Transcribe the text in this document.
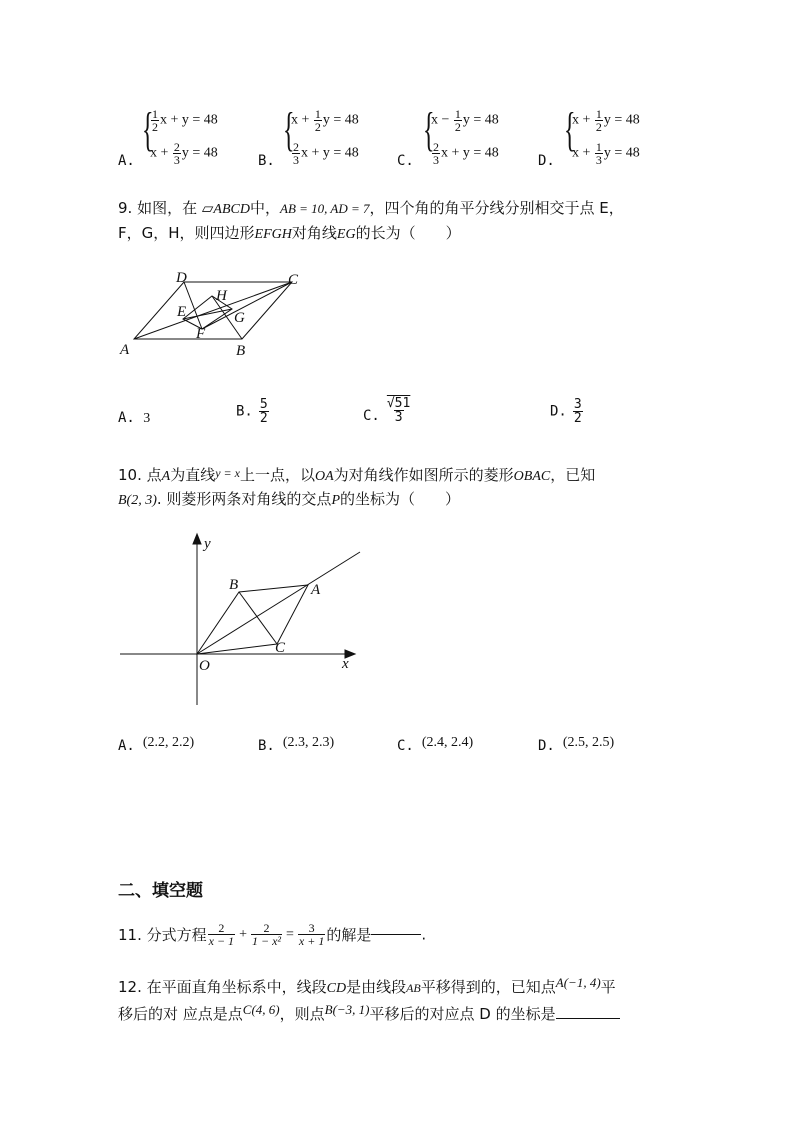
A.
{
$\frac{1}{2}$ x + y = 48
$x + \frac{2}{3}$ y = 48	B.
{
$x + \frac{1}{2}$ y = 48
$\frac{2}{3}$ x + y = 48	C.
{
$x - \frac{1}{2}$ y = 48
$\frac{2}{3}$ x + y = 48	D.
{
$x + \frac{1}{2}$ y = 48
$x + \frac{1}{3}$ y = 48
9. 如图，在 ▱ABCD中，AB = 10, AD = 7，四个角的角平分线分别相交于点 E，
F，G，H，则四边形EFGH对角线EG的长为（　　）
A	B
C
D
E
F
G
H
A. 3	B. $\frac{5}{2}$	C. $\frac{√51}{3}$	D. $\frac{3}{2}$
10. 点A为直线$^{y = x}$上一点，以OA为对角线作如图所示的菱形OBAC，已知
B(2, 3). 则菱形两条对角线的交点P的坐标为（　　）
x
y
O
A
B
C
A. (2.2, 2.2)	B. (2.3, 2.3)	C. (2.4, 2.4)	D. (2.5, 2.5)
二、填空题
11. 分式方程 $\frac{2}{x - 1} + \frac{2}{\text{1 − x²}} = \frac{3}{x + 1}$ 的解是	.
12. 在平面直角坐标系中，线段CD是由线段AB平移得到的，已知点A(−1, 4)平
移后的对 应点是点C(4, 6)，则点B(−3, 1)平移后的对应点 D 的坐标是
